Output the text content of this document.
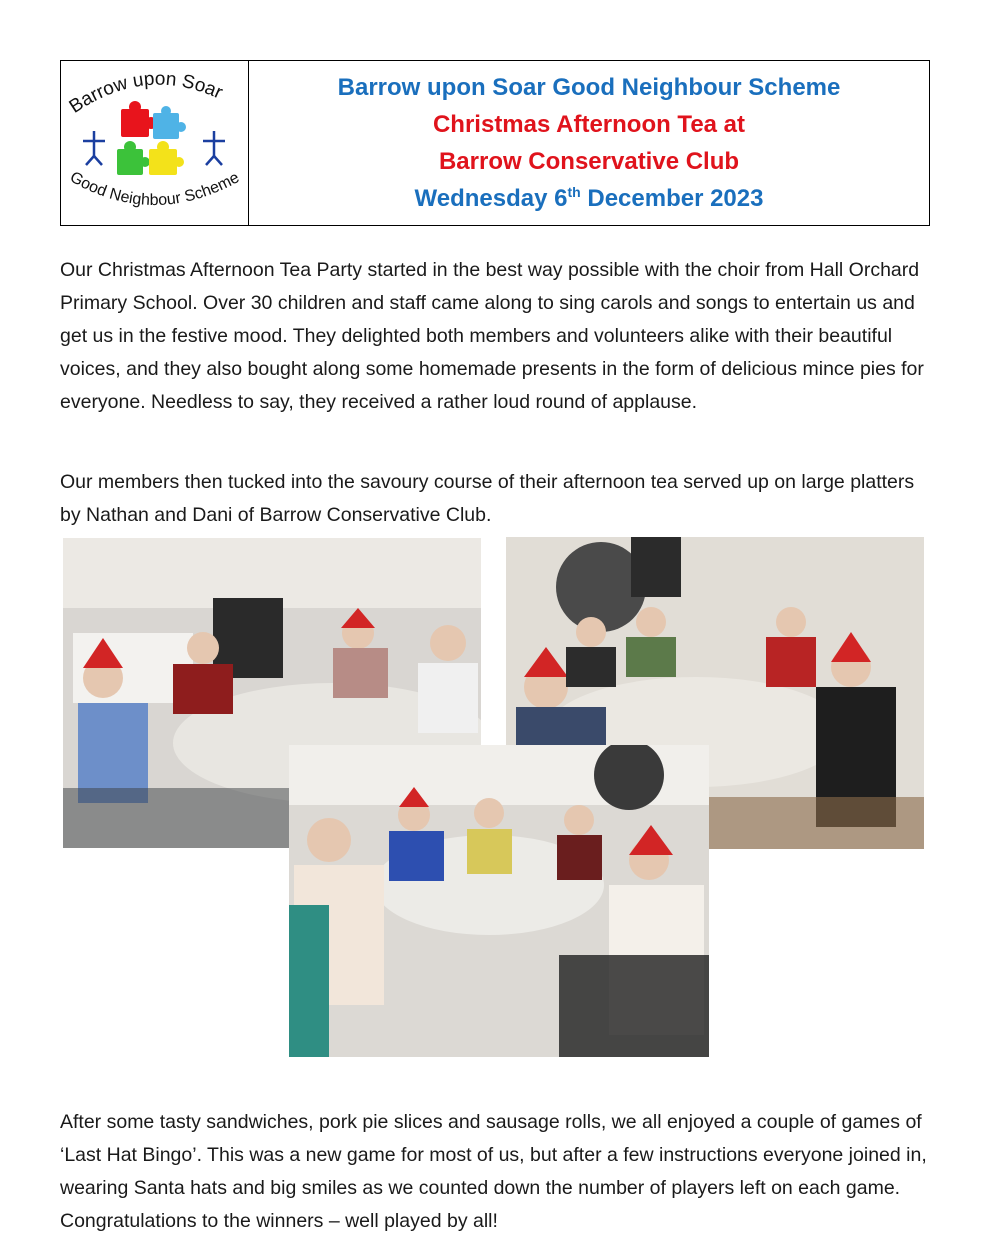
Barrow upon Soar
Good Neighbour Scheme
Barrow upon Soar Good Neighbour Scheme
Christmas Afternoon Tea at
Barrow Conservative Club
Wednesday 6th December 2023

Our Christmas Afternoon Tea Party started in the best way possible with the choir from Hall Orchard Primary School. Over 30 children and staff came along to sing carols and songs to entertain us and get us in the festive mood. They delighted both members and volunteers alike with their beautiful voices, and they also bought along some homemade presents in the form of delicious mince pies for everyone. Needless to say, they received a rather loud round of applause.

Our members then tucked into the savoury course of their afternoon tea served up on large platters by Nathan and Dani of Barrow Conservative Club.

After some tasty sandwiches, pork pie slices and sausage rolls, we all enjoyed a couple of games of ‘Last Hat Bingo’. This was a new game for most of us, but after a few instructions everyone joined in, wearing Santa hats and big smiles as we counted down the number of players left on each game. Congratulations to the winners – well played by all!
